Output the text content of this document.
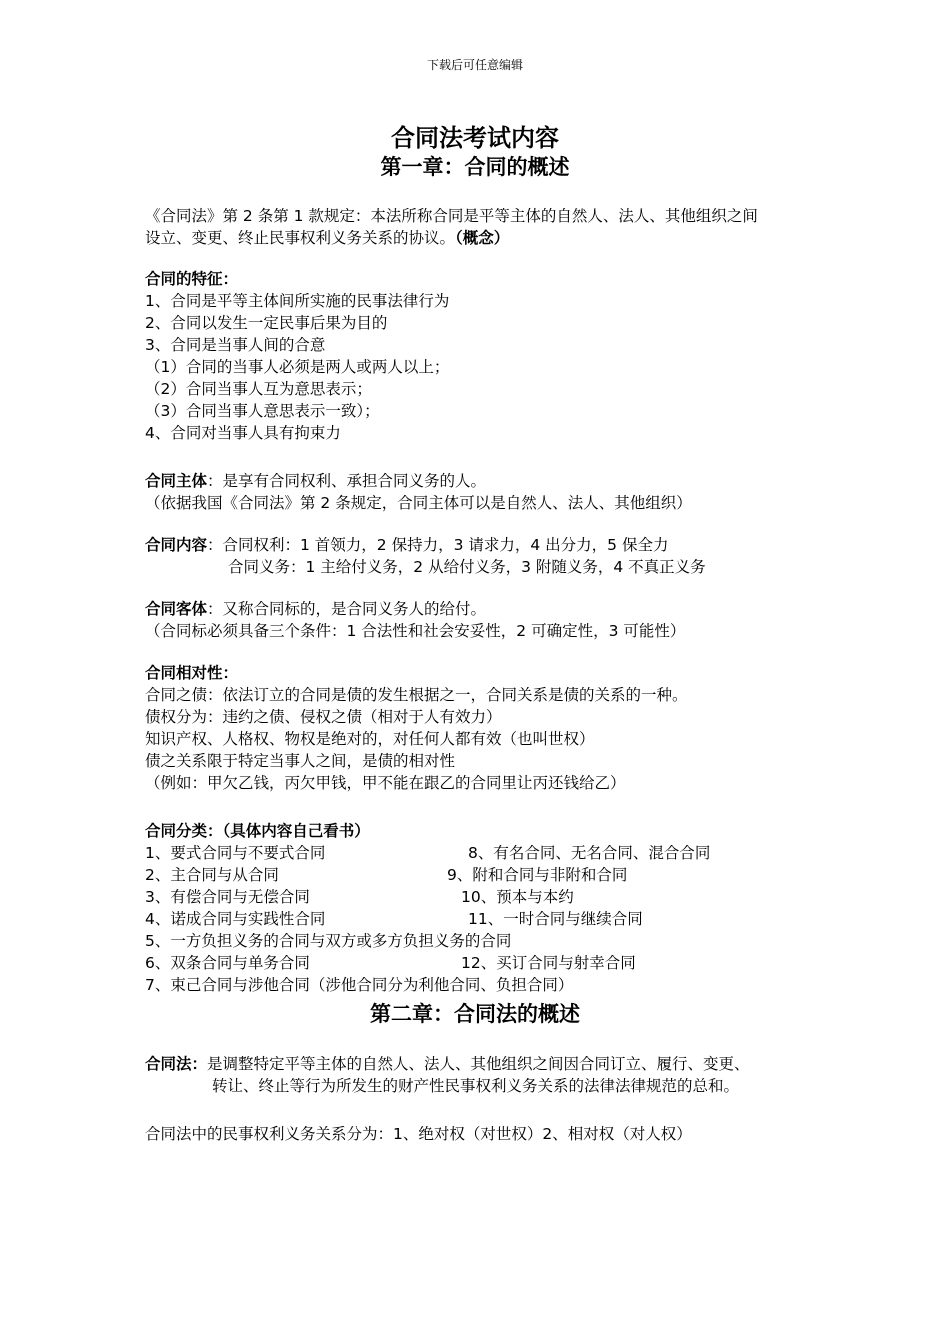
下载后可任意编辑
合同法考试内容
第一章：合同的概述
《合同法》第 2 条第 1 款规定：本法所称合同是平等主体的自然人、法人、其他组织之间
设立、变更、终止民事权利义务关系的协议。（概念）
合同的特征：
1、合同是平等主体间所实施的民事法律行为
2、合同以发生一定民事后果为目的
3、合同是当事人间的合意
（1）合同的当事人必须是两人或两人以上；
（2）合同当事人互为意思表示；
（3）合同当事人意思表示一致）；
4、合同对当事人具有拘束力
合同主体：是享有合同权利、承担合同义务的人。
（依据我国《合同法》第 2 条规定，合同主体可以是自然人、法人、其他组织）
合同内容：合同权利：1 首领力，2 保持力，3 请求力，4 出分力，5 保全力
合同义务：1 主给付义务，2 从给付义务，3 附随义务，4 不真正义务
合同客体：又称合同标的，是合同义务人的给付。
（合同标必须具备三个条件：1 合法性和社会安妥性，2 可确定性，3 可能性）
合同相对性：
合同之债：依法订立的合同是债的发生根据之一，合同关系是债的关系的一种。
债权分为：违约之债、侵权之债（相对于人有效力）
知识产权、人格权、物权是绝对的，对任何人都有效（也叫世权）
债之关系限于特定当事人之间，是债的相对性
（例如：甲欠乙钱，丙欠甲钱，甲不能在跟乙的合同里让丙还钱给乙）
合同分类：（具体内容自己看书）
1、要式合同与不要式合同
2、主合同与从合同
3、有偿合同与无偿合同
4、诺成合同与实践性合同
5、一方负担义务的合同与双方或多方负担义务的合同
6、双条合同与单务合同
7、束己合同与涉他合同（涉他合同分为利他合同、负担合同）
8、有名合同、无名合同、混合合同
9、附和合同与非附和合同
10、预本与本约
11、一时合同与继续合同
12、买订合同与射幸合同
第二章：合同法的概述
合同法：是调整特定平等主体的自然人、法人、其他组织之间因合同订立、履行、变更、
转让、终止等行为所发生的财产性民事权利义务关系的法律法律规范的总和。
合同法中的民事权利义务关系分为：1、绝对权（对世权）2、相对权（对人权）
